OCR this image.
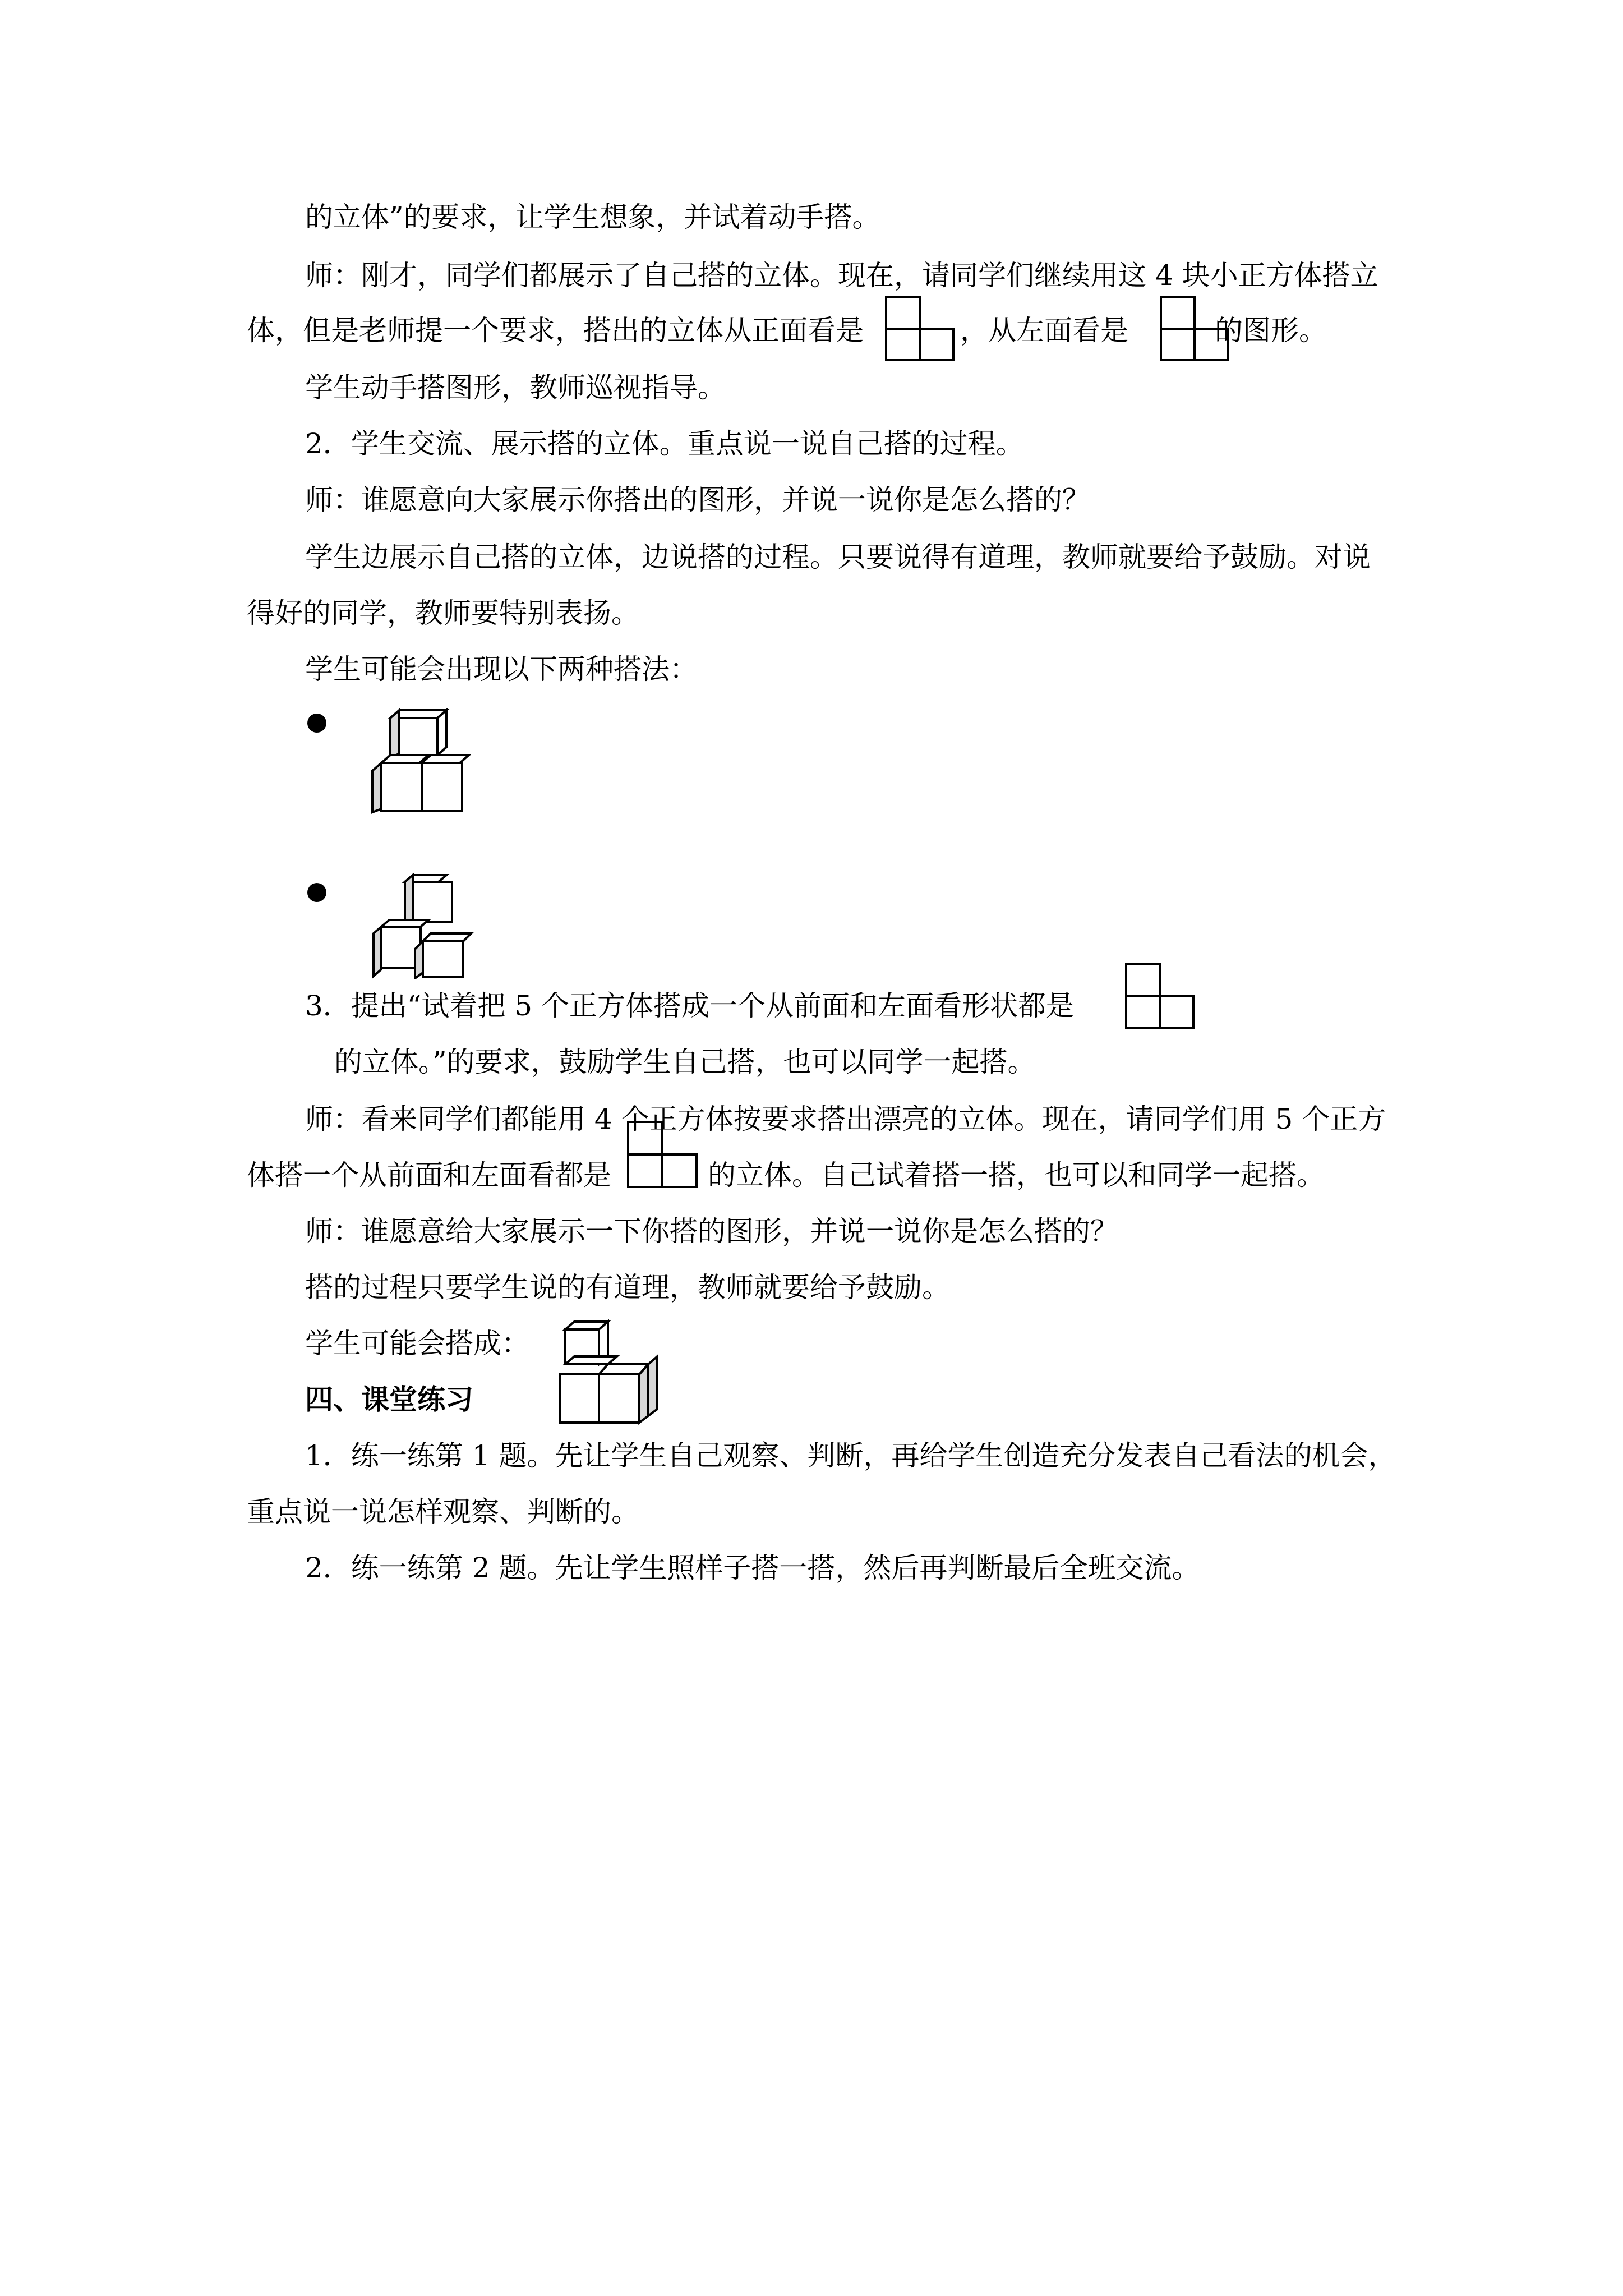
的立体”的要求，让学生想象，并试着动手搭。
师：刚才，同学们都展示了自己搭的立体。现在，请同学们继续用这 4 块小正方体搭立
体，但是老师提一个要求，搭出的立体从正面看是	，从左面看是	的图形。
学生动手搭图形，教师巡视指导。
2．学生交流、展示搭的立体。重点说一说自己搭的过程。
师：谁愿意向大家展示你搭出的图形，并说一说你是怎么搭的？
学生边展示自己搭的立体，边说搭的过程。只要说得有道理，教师就要给予鼓励。对说
得好的同学，教师要特别表扬。
学生可能会出现以下两种搭法：
3．提出“试着把 5 个正方体搭成一个从前面和左面看形状都是
的立体。”的要求，鼓励学生自己搭，也可以同学一起搭。
师：看来同学们都能用 4 个正方体按要求搭出漂亮的立体。现在，请同学们用 5 个正方
体搭一个从前面和左面看都是	的立体。自己试着搭一搭，也可以和同学一起搭。
师：谁愿意给大家展示一下你搭的图形，并说一说你是怎么搭的？
搭的过程只要学生说的有道理，教师就要给予鼓励。
学生可能会搭成：
四、课堂练习
1．练一练第 1 题。先让学生自己观察、判断，再给学生创造充分发表自己看法的机会，
重点说一说怎样观察、判断的。
2．练一练第 2 题。先让学生照样子搭一搭，然后再判断最后全班交流。
